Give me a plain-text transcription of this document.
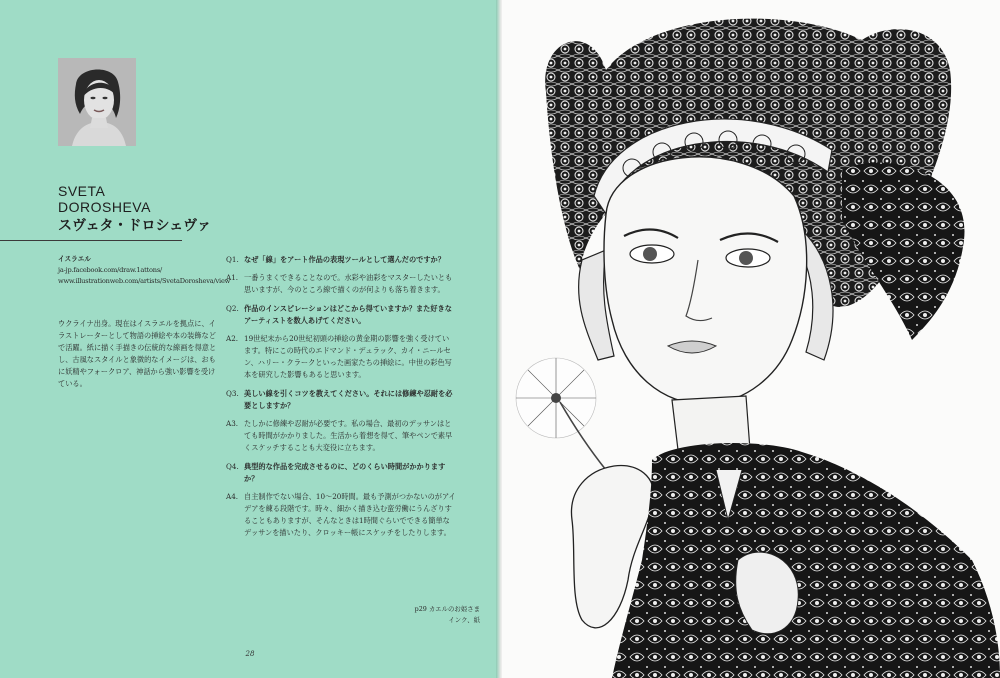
SVETA
DOROSHEVA
スヴェタ・ドロシェヴァ
イスラエル
ja-jp.facebook.com/draw.1attons/
www.illustrationweb.com/artists/SvetaDorosheva/view
ウクライナ出身。現在はイスラエルを拠点に、イラストレーターとして物語の挿絵や本の装飾などで活躍。紙に描く手描きの伝統的な線画を得意とし、古風なスタイルと象徴的なイメージは、おもに妖精やフォークロア、神話から強い影響を受けている。
Q1. なぜ「線」をアート作品の表現ツールとして選んだのですか？
A1. 一番うまくできることなので。水彩や油彩をマスターしたいとも思いますが、今のところ線で描くのが何よりも落ち着きます。
Q2. 作品のインスピレーションはどこから得ていますか？また好きなアーティストを数人あげてください。
A2. 19世紀末から20世紀初頭の挿絵の黄金期の影響を強く受けています。特にこの時代のエドマンド・デュラック、カイ・ニールセン、ハリー・クラークといった画家たちの挿絵に。中世の彩色写本を研究した影響もあると思います。
Q3. 美しい線を引くコツを教えてください。それには修練や忍耐を必要としますか？
A3. たしかに修練や忍耐が必要です。私の場合、最初のデッサンはとても時間がかかりました。生活から着想を得て、筆やペンで素早くスケッチすることも大変役に立ちます。
Q4. 典型的な作品を完成させるのに、どのくらい時間がかかりますか？
A4. 自主制作でない場合、10～20時間。最も予測がつかないのがアイデアを練る段階です。時々、細かく描き込む蛮労働にうんざりすることもありますが、そんなときは1時間ぐらいでできる簡単なデッサンを描いたり、クロッキー帳にスケッチをしたりします。
p29 カエルのお姫さま
インク、紙
28
